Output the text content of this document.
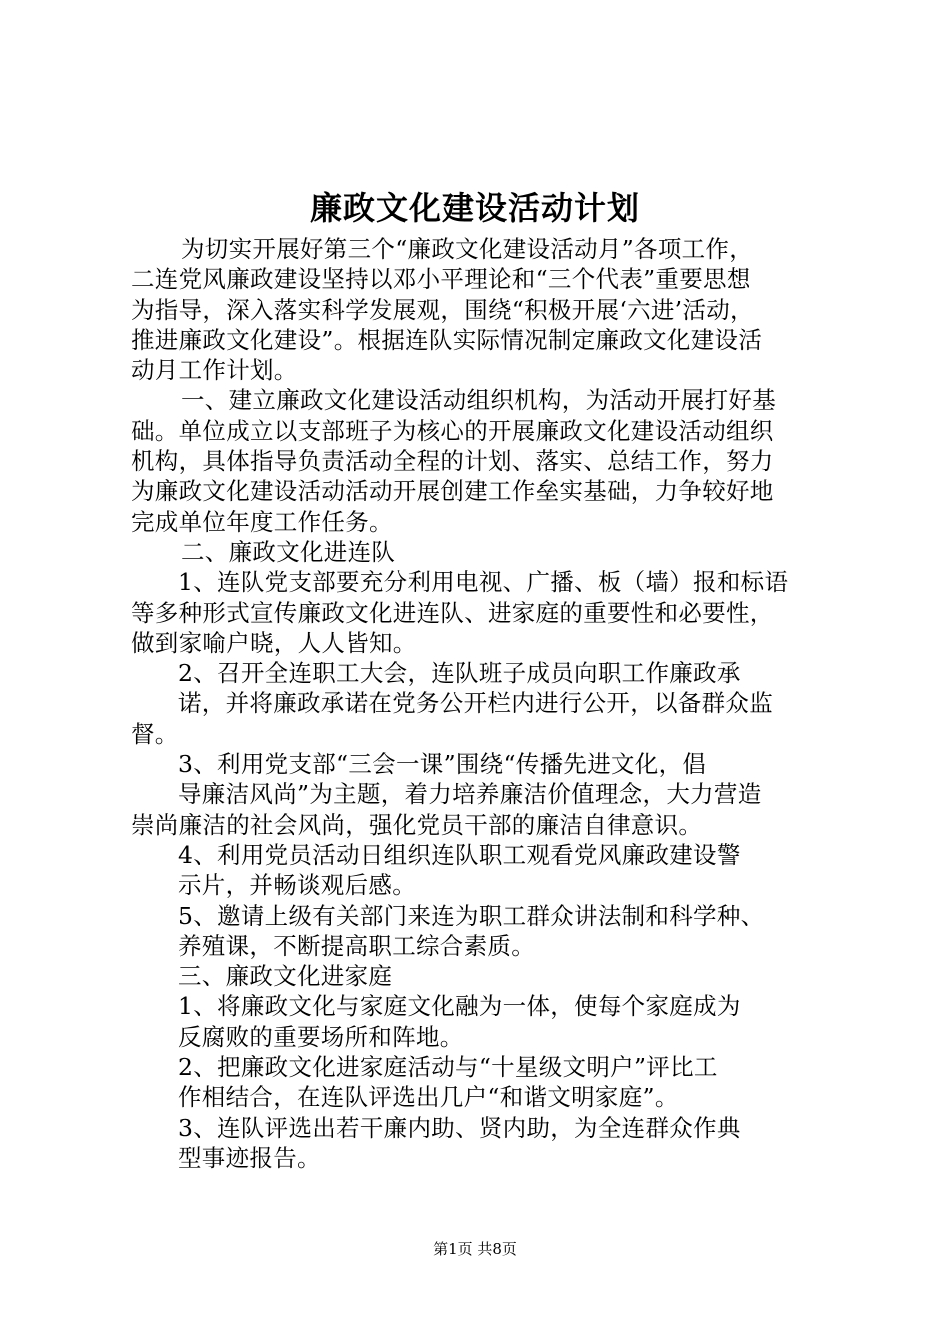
廉政文化建设活动计划
为切实开展好第三个“廉政文化建设活动月”各项工作，
二连党风廉政建设坚持以邓小平理论和“三个代表”重要思想
为指导，深入落实科学发展观，围绕“积极开展‘六进’活动，
推进廉政文化建设”。根据连队实际情况制定廉政文化建设活
动月工作计划。
一、建立廉政文化建设活动组织机构，为活动开展打好基
础。单位成立以支部班子为核心的开展廉政文化建设活动组织
机构，具体指导负责活动全程的计划、落实、总结工作，努力
为廉政文化建设活动活动开展创建工作垒实基础，力争较好地
完成单位年度工作任务。
二、廉政文化进连队
1、连队党支部要充分利用电视、广播、板（墙）报和标语
等多种形式宣传廉政文化进连队、进家庭的重要性和必要性，
做到家喻户晓，人人皆知。
2、召开全连职工大会，连队班子成员向职工作廉政承
诺，并将廉政承诺在党务公开栏内进行公开，以备群众监
督。
3、利用党支部“三会一课”围绕“传播先进文化，倡
导廉洁风尚”为主题，着力培养廉洁价值理念，大力营造
崇尚廉洁的社会风尚，强化党员干部的廉洁自律意识。
4、利用党员活动日组织连队职工观看党风廉政建设警
示片，并畅谈观后感。
5、邀请上级有关部门来连为职工群众讲法制和科学种、
养殖课，不断提高职工综合素质。
三、廉政文化进家庭
1、将廉政文化与家庭文化融为一体，使每个家庭成为
反腐败的重要场所和阵地。
2、把廉政文化进家庭活动与“十星级文明户”评比工
作相结合，在连队评选出几户“和谐文明家庭”。
3、连队评选出若干廉内助、贤内助，为全连群众作典
型事迹报告。
第1页 共8页
